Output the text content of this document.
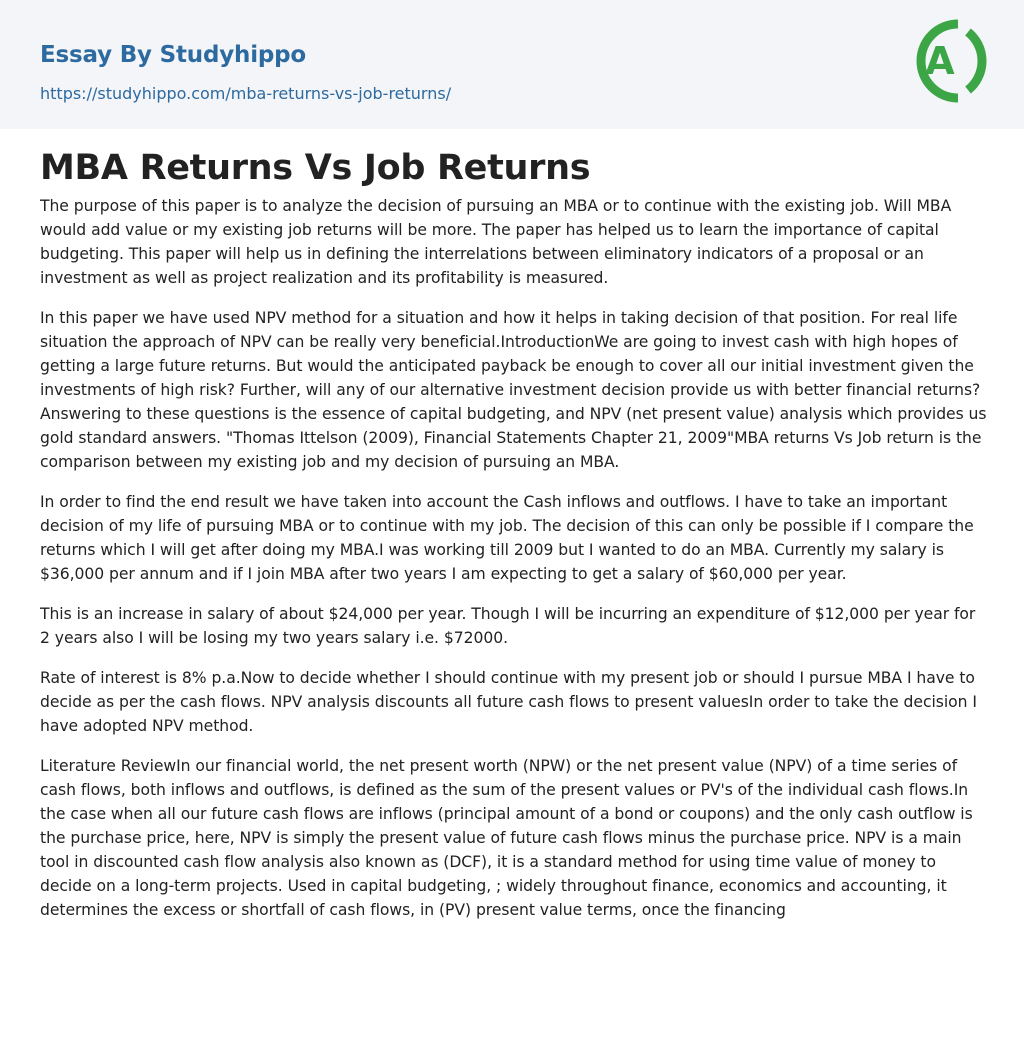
Essay By Studyhippo
https://studyhippo.com/mba-returns-vs-job-returns/
A
MBA Returns Vs Job Returns

The purpose of this paper is to analyze the decision of pursuing an MBA or to continue with the existing job. Will MBA would add value or my existing job returns will be more. The paper has helped us to learn the importance of capital budgeting. This paper will help us in defining the interrelations between eliminatory indicators of a proposal or an investment as well as project realization and its profitability is measured.

In this paper we have used NPV method for a situation and how it helps in taking decision of that position. For real life situation the approach of NPV can be really very beneficial.IntroductionWe are going to invest cash with high hopes of getting a large future returns. But would the anticipated payback be enough to cover all our initial investment given the investments of high risk? Further, will any of our alternative investment decision provide us with better financial returns? Answering to these questions is the essence of capital budgeting, and NPV (net present value) analysis which provides us gold standard answers. "Thomas Ittelson (2009), Financial Statements Chapter 21, 2009"MBA returns Vs Job return is the comparison between my existing job and my decision of pursuing an MBA.

In order to find the end result we have taken into account the Cash inflows and outflows. I have to take an important decision of my life of pursuing MBA or to continue with my job. The decision of this can only be possible if I compare the returns which I will get after doing my MBA.I was working till 2009 but I wanted to do an MBA. Currently my salary is $36,000 per annum and if I join MBA after two years I am expecting to get a salary of $60,000 per year.

This is an increase in salary of about $24,000 per year. Though I will be incurring an expenditure of $12,000 per year for 2 years also I will be losing my two years salary i.e. $72000.

Rate of interest is 8% p.a.Now to decide whether I should continue with my present job or should I pursue MBA I have to decide as per the cash flows. NPV analysis discounts all future cash flows to present valuesIn order to take the decision I have adopted NPV method.

Literature ReviewIn our financial world, the net present worth (NPW) or the net present value (NPV) of a time series of cash flows, both inflows and outflows, is defined as the sum of the present values or PV's of the individual cash flows.In the case when all our future cash flows are inflows (principal amount of a bond or coupons) and the only cash outflow is the purchase price, here, NPV is simply the present value of future cash flows minus the purchase price. NPV is a main tool in discounted cash flow analysis also known as (DCF), it is a standard method for using time value of money to decide on a long-term projects. Used in capital budgeting, ; widely throughout finance, economics and accounting, it determines the excess or shortfall of cash flows, in (PV) present value terms, once the financing
